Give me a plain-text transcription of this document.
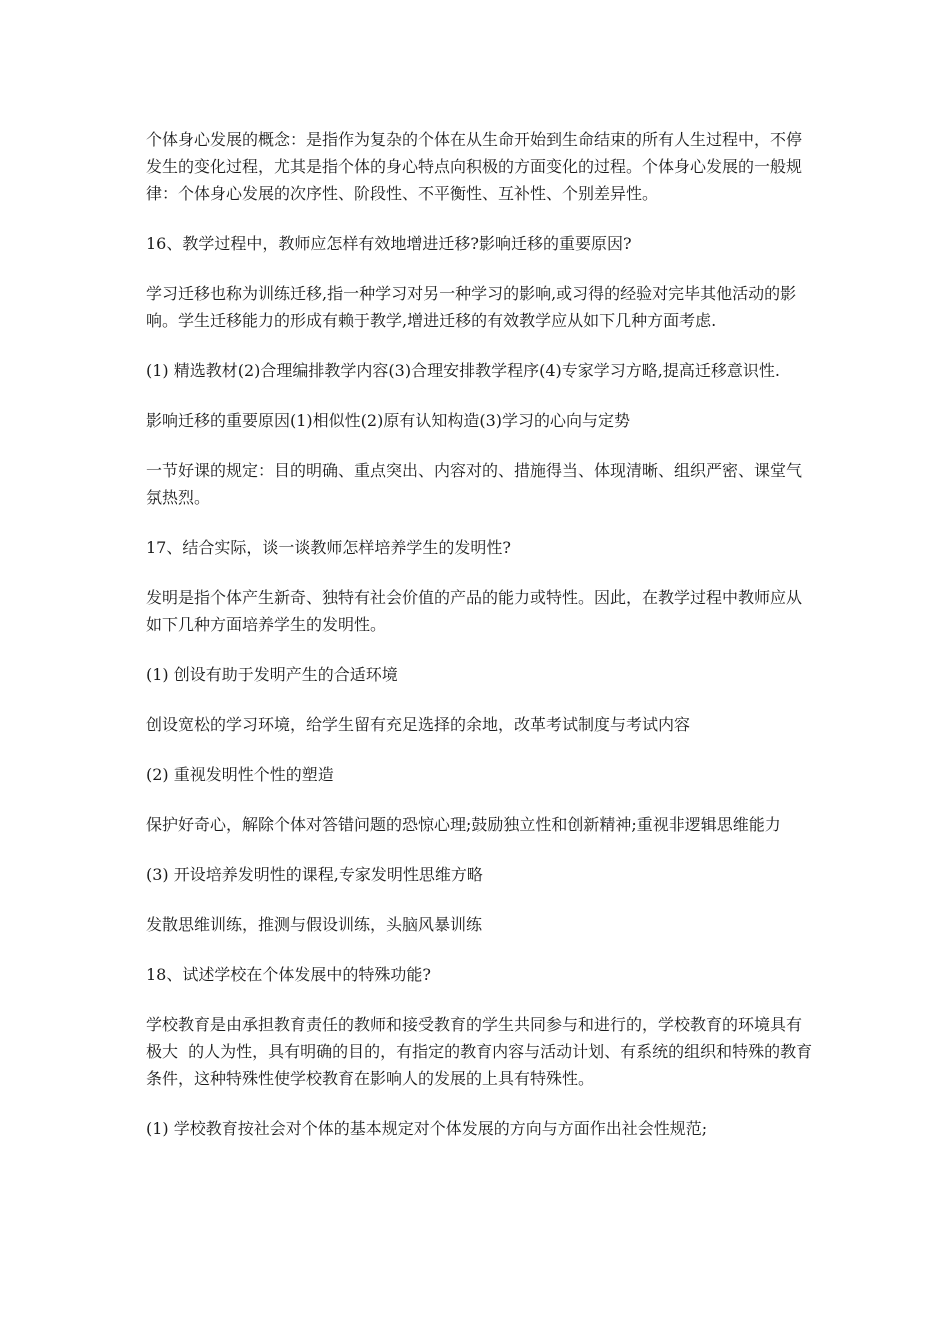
个体身心发展的概念：是指作为复杂的个体在从生命开始到生命结束的所有人生过程中，不停发生的变化过程，尤其是指个体的身心特点向积极的方面变化的过程。个体身心发展的一般规律：个体身心发展的次序性、阶段性、不平衡性、互补性、个别差异性。

16、教学过程中，教师应怎样有效地增进迁移?影响迁移的重要原因?

学习迁移也称为训练迁移,指一种学习对另一种学习的影响,或习得的经验对完毕其他活动的影响。学生迁移能力的形成有赖于教学,增进迁移的有效教学应从如下几种方面考虑.

(1) 精选教材(2)合理编排教学内容(3)合理安排教学程序(4)专家学习方略,提高迁移意识性.

影响迁移的重要原因(1)相似性(2)原有认知构造(3)学习的心向与定势

一节好课的规定：目的明确、重点突出、内容对的、措施得当、体现清晰、组织严密、课堂气氛热烈。

17、结合实际，谈一谈教师怎样培养学生的发明性?

发明是指个体产生新奇、独特有社会价值的产品的能力或特性。因此，在教学过程中教师应从如下几种方面培养学生的发明性。

(1) 创设有助于发明产生的合适环境

创设宽松的学习环境，给学生留有充足选择的余地，改革考试制度与考试内容

(2) 重视发明性个性的塑造

保护好奇心，解除个体对答错问题的恐惊心理;鼓励独立性和创新精神;重视非逻辑思维能力

(3) 开设培养发明性的课程,专家发明性思维方略

发散思维训练，推测与假设训练，头脑风暴训练

18、试述学校在个体发展中的特殊功能?

学校教育是由承担教育责任的教师和接受教育的学生共同参与和进行的，学校教育的环境具有极大  的人为性，具有明确的目的，有指定的教育内容与活动计划、有系统的组织和特殊的教育条件，这种特殊性使学校教育在影响人的发展的上具有特殊性。

(1) 学校教育按社会对个体的基本规定对个体发展的方向与方面作出社会性规范;
